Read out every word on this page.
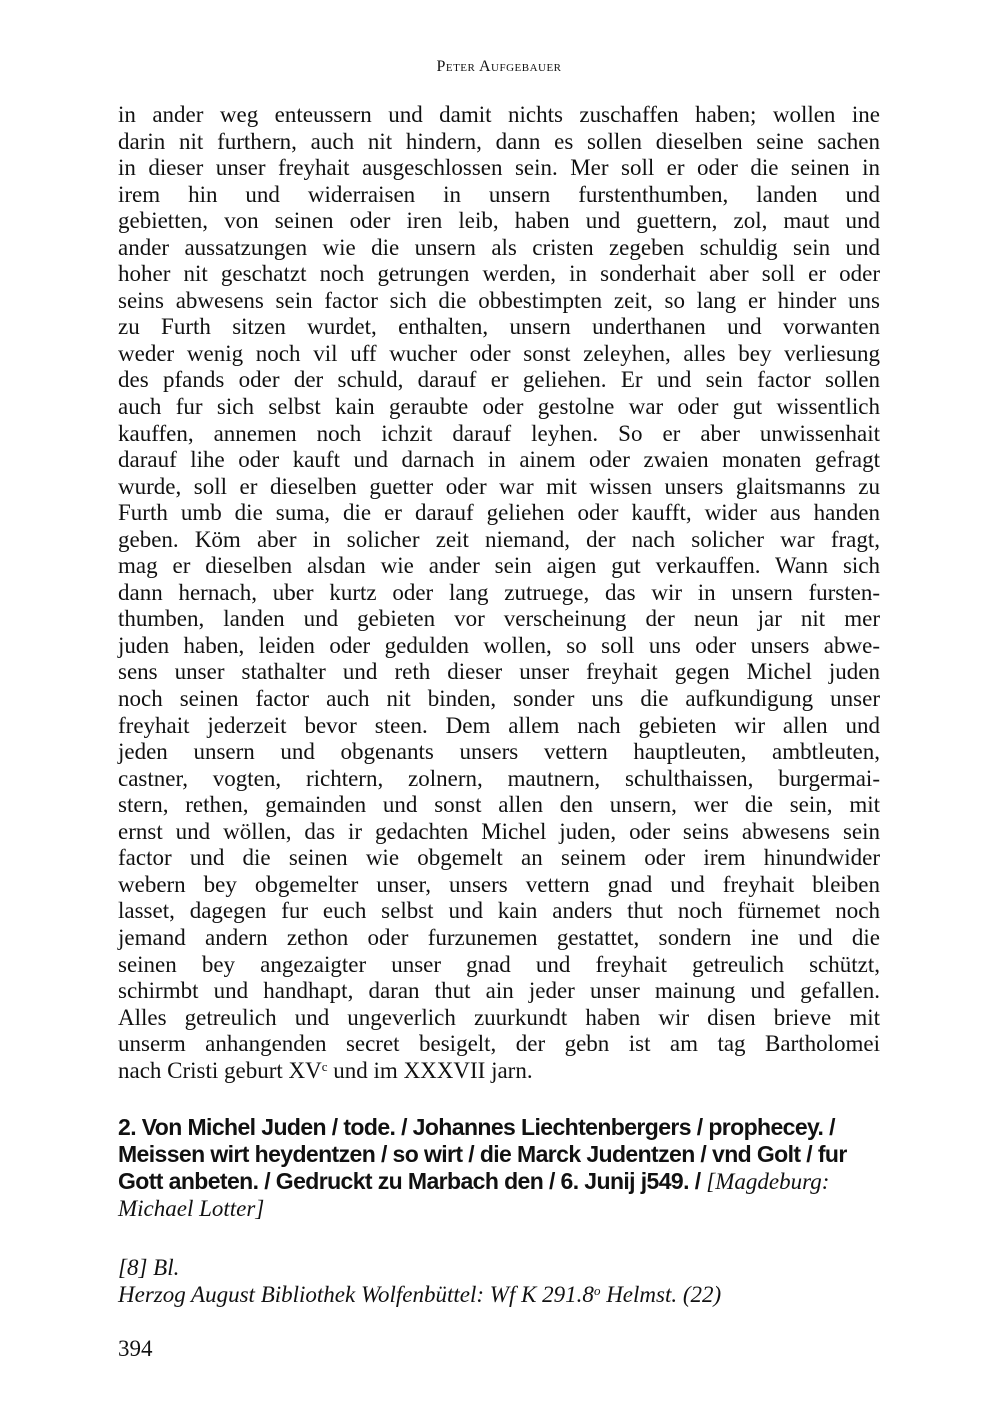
Peter Aufgebauer
in ander weg enteussern und damit nichts zuschaffen haben; wollen ine
darin nit furthern, auch nit hindern, dann es sollen dieselben seine sachen
in dieser unser freyhait ausgeschlossen sein. Mer soll er oder die seinen in
irem hin und widerraisen in unsern furstenthumben, landen und
gebietten, von seinen oder iren leib, haben und guettern, zol, maut und
ander aussatzungen wie die unsern als cristen zegeben schuldig sein und
hoher nit geschatzt noch getrungen werden, in sonderhait aber soll er oder
seins abwesens sein factor sich die obbestimpten zeit, so lang er hinder uns
zu Furth sitzen wurdet, enthalten, unsern underthanen und vorwanten
weder wenig noch vil uff wucher oder sonst zeleyhen, alles bey verliesung
des pfands oder der schuld, darauf er geliehen. Er und sein factor sollen
auch fur sich selbst kain geraubte oder gestolne war oder gut wissentlich
kauffen, annemen noch ichzit darauf leyhen. So er aber unwissenhait
darauf lihe oder kauft und darnach in ainem oder zwaien monaten gefragt
wurde, soll er dieselben guetter oder war mit wissen unsers glaitsmanns zu
Furth umb die suma, die er darauf geliehen oder kaufft, wider aus handen
geben. Köm aber in solicher zeit niemand, der nach solicher war fragt,
mag er dieselben alsdan wie ander sein aigen gut verkauffen. Wann sich
dann hernach, uber kurtz oder lang zutruege, das wir in unsern fursten-
thumben, landen und gebieten vor verscheinung der neun jar nit mer
juden haben, leiden oder gedulden wollen, so soll uns oder unsers abwe-
sens unser stathalter und reth dieser unser freyhait gegen Michel juden
noch seinen factor auch nit binden, sonder uns die aufkundigung unser
freyhait jederzeit bevor steen. Dem allem nach gebieten wir allen und
jeden unsern und obgenants unsers vettern hauptleuten, ambtleuten,
castner, vogten, richtern, zolnern, mautnern, schulthaissen, burgermai-
stern, rethen, gemainden und sonst allen den unsern, wer die sein, mit
ernst und wöllen, das ir gedachten Michel juden, oder seins abwesens sein
factor und die seinen wie obgemelt an seinem oder irem hinundwider
webern bey obgemelter unser, unsers vettern gnad und freyhait bleiben
lasset, dagegen fur euch selbst und kain anders thut noch fürnemet noch
jemand andern zethon oder furzunemen gestattet, sondern ine und die
seinen bey angezaigter unser gnad und freyhait getreulich schützt,
schirmbt und handhapt, daran thut ain jeder unser mainung und gefallen.
Alles getreulich und ungeverlich zuurkundt haben wir disen brieve mit
unserm anhangenden secret besigelt, der gebn ist am tag Bartholomei
nach Cristi geburt $XV^c$ und im XXXVII jarn.
2. Von Michel Juden / tode. / Johannes Liechtenbergers / prophecey. /
Meissen wirt heydentzen / so wirt / die Marck Judentzen / vnd Golt / fur
Gott anbeten. / Gedruckt zu Marbach den / 6. Junij j549. / [Magdeburg:
Michael Lotter]
[8] Bl.
Herzog August Bibliothek Wolfenbüttel: Wf K 291.8$^o$ Helmst. (22)
394
